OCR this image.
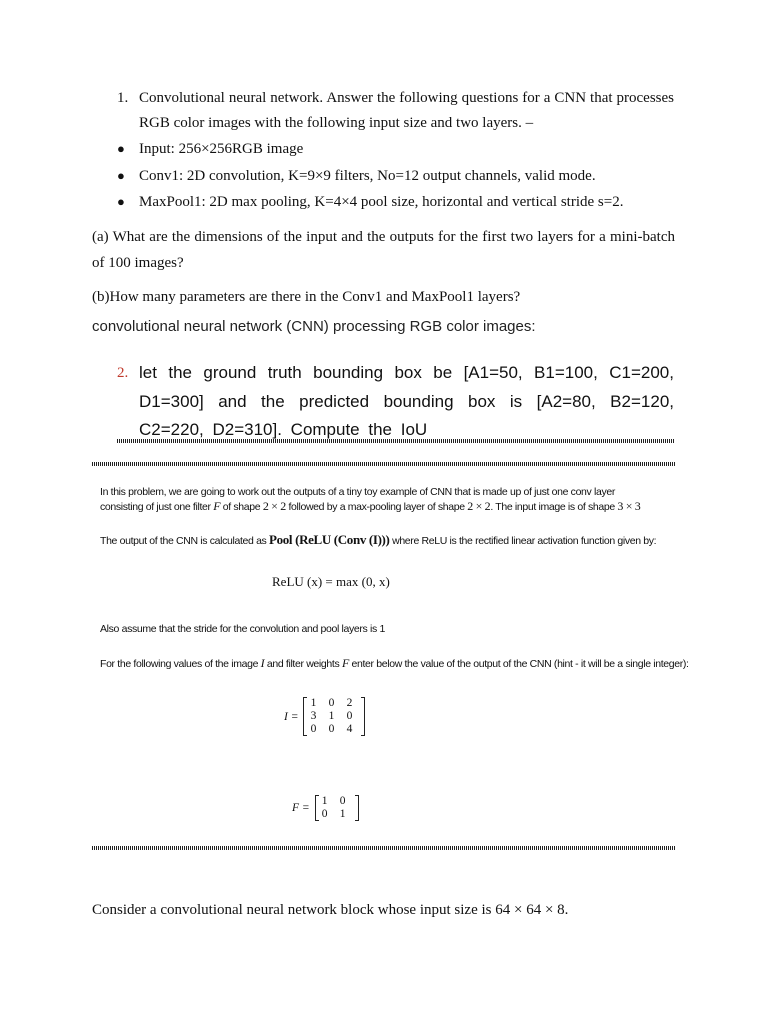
1. Convolutional neural network. Answer the following questions for a CNN that processes RGB color images with the following input size and two layers. –
● Input: 256×256RGB image
● Conv1: 2D convolution, K=9×9 filters, No=12 output channels, valid mode.
● MaxPool1: 2D max pooling, K=4×4 pool size, horizontal and vertical stride s=2.
(a) What are the dimensions of the input and the outputs for the first two layers for a mini-batch of 100 images?
(b)How many parameters are there in the Conv1 and MaxPool1 layers?
convolutional neural network (CNN) processing RGB color images:
2. let the ground truth bounding box be [A1=50, B1=100, C1=200, D1=300] and the predicted bounding box is [A2=80, B2=120, C2=220, D2=310]. Compute the IoU
In this problem, we are going to work out the outputs of a tiny toy example of CNN that is made up of just one conv layer consisting of just one filter F of shape 2 × 2 followed by a max-pooling layer of shape 2 × 2. The input image is of shape 3 × 3
The output of the CNN is calculated as Pool (ReLU (Conv (I))) where ReLU is the rectified linear activation function given by:
ReLU (x) = max (0, x)
Also assume that the stride for the convolution and pool layers is 1
For the following values of the image I and filter weights F enter below the value of the output of the CNN (hint - it will be a single integer):
I =
1 0 2
3 1 0
0 0 4
F =
1 0
0 1
Consider a convolutional neural network block whose input size is 64 × 64 × 8.
